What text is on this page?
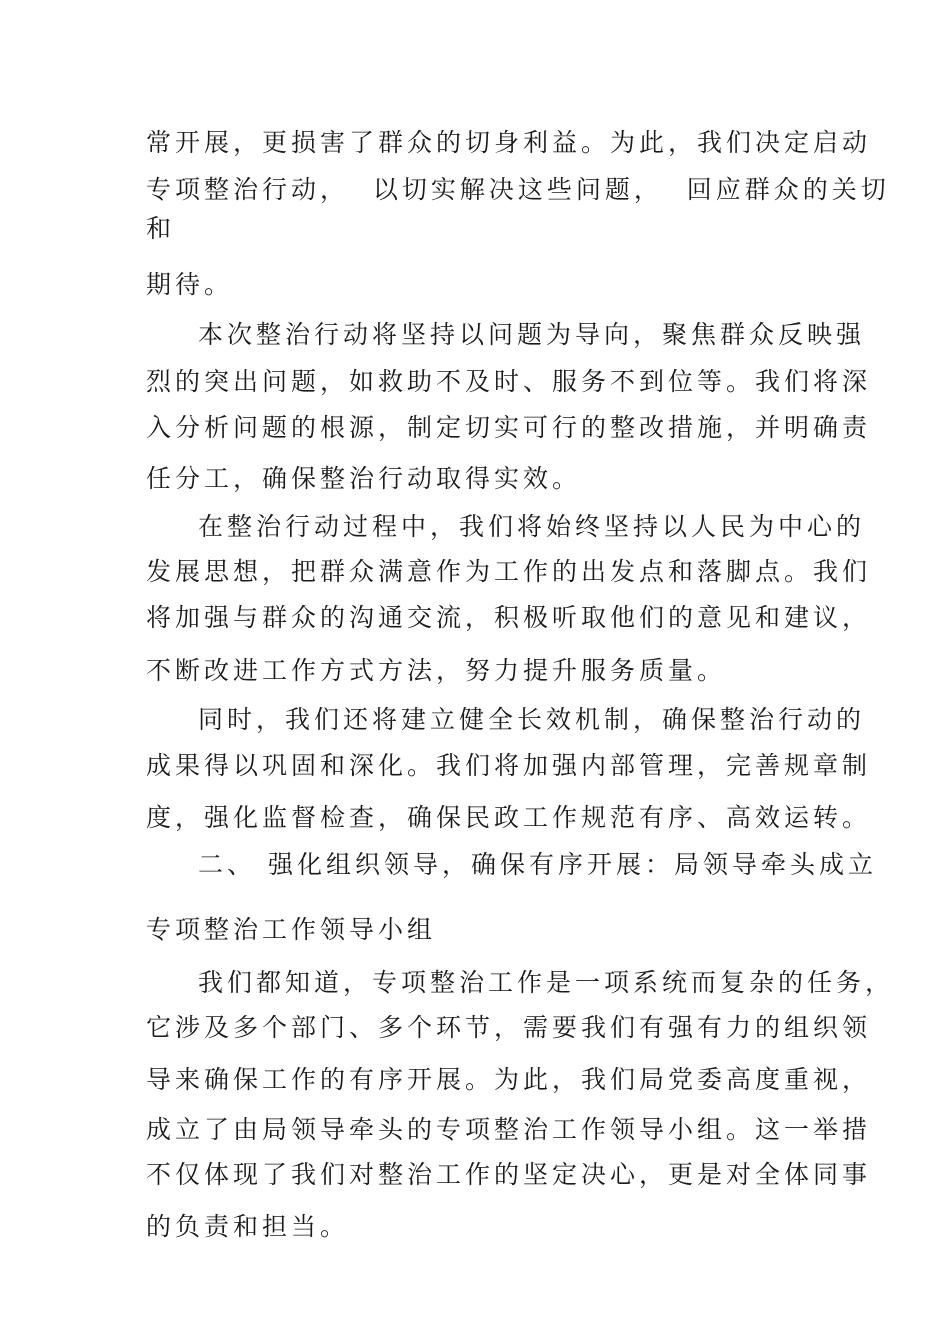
常开展，更损害了群众的切身利益。为此，我们决定启动
专项整治行动，  以切实解决这些问题，  回应群众的关切
和
期待。
本次整治行动将坚持以问题为导向，聚焦群众反映强
烈的突出问题，如救助不及时、服务不到位等。我们将深
入分析问题的根源，制定切实可行的整改措施，并明确责
任分工，确保整治行动取得实效。
在整治行动过程中，我们将始终坚持以人民为中心的
发展思想，把群众满意作为工作的出发点和落脚点。我们
将加强与群众的沟通交流，积极听取他们的意见和建议，
不断改进工作方式方法，努力提升服务质量。
同时，我们还将建立健全长效机制，确保整治行动的
成果得以巩固和深化。我们将加强内部管理，完善规章制
度，强化监督检查，确保民政工作规范有序、高效运转。
二、 强化组织领导，确保有序开展：局领导牵头成立
专项整治工作领导小组
我们都知道，专项整治工作是一项系统而复杂的任务，
它涉及多个部门、多个环节，需要我们有强有力的组织领
导来确保工作的有序开展。为此，我们局党委高度重视，
成立了由局领导牵头的专项整治工作领导小组。这一举措
不仅体现了我们对整治工作的坚定决心，更是对全体同事
的负责和担当。
